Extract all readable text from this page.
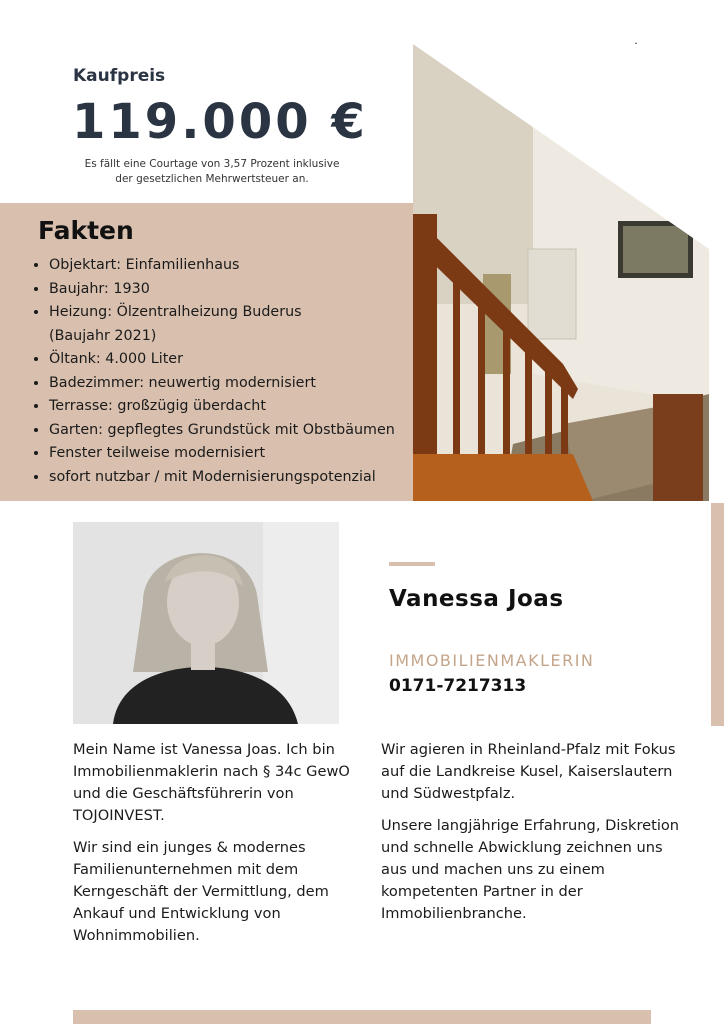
Kaufpreis
119.000 €
Es fällt eine Courtage von 3,57 Prozent inklusive
der gesetzlichen Mehrwertsteuer an.
Fakten
• Objektart: Einfamilienhaus
• Baujahr: 1930
• Heizung: Ölzentralheizung Buderus (Baujahr 2021)
• Öltank: 4.000 Liter
• Badezimmer: neuwertig modernisiert
• Terrasse: großzügig überdacht
• Garten: gepflegtes Grundstück mit Obstbäumen
• Fenster teilweise modernisiert
• sofort nutzbar / mit Modernisierungspotenzial
Vanessa Joas
IMMOBILIENMAKLERIN
0171-7217313

Mein Name ist Vanessa Joas. Ich bin Immobilienmaklerin nach § 34c GewO und die Geschäftsführerin von TOJOINVEST.

Wir sind ein junges & modernes Familienunternehmen mit dem Kerngeschäft der Vermittlung, dem Ankauf und Entwicklung von Wohnimmobilien.

Wir agieren in Rheinland-Pfalz mit Fokus auf die Landkreise Kusel, Kaiserslautern und Südwestpfalz.

Unsere langjährige Erfahrung, Diskretion und schnelle Abwicklung zeichnen uns aus und machen uns zu einem kompetenten Partner in der Immobilienbranche.
